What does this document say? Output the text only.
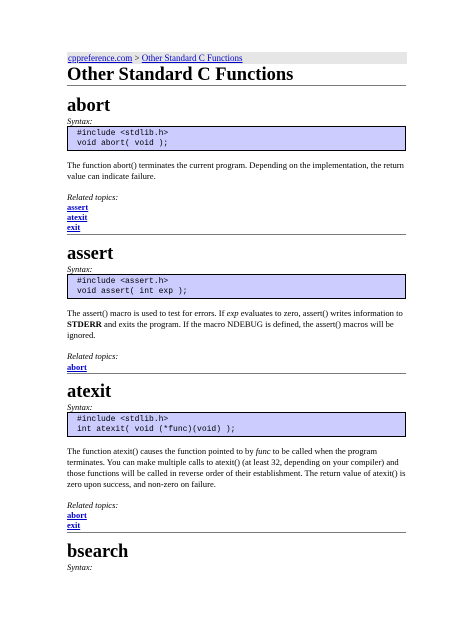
cppreference.com > Other Standard C Functions
Other Standard C Functions
abort
Syntax:
#include <stdlib.h>
void abort( void );

The function abort() terminates the current program. Depending on the implementation, the return value can indicate failure.

Related topics:
assert
atexit
exit
assert
Syntax:
#include <assert.h>
void assert( int exp );

The assert() macro is used to test for errors. If exp evaluates to zero, assert() writes information to STDERR and exits the program. If the macro NDEBUG is defined, the assert() macros will be ignored.

Related topics:
abort
atexit
Syntax:
#include <stdlib.h>
int atexit( void (*func)(void) );

The function atexit() causes the function pointed to by func to be called when the program terminates. You can make multiple calls to atexit() (at least 32, depending on your compiler) and those functions will be called in reverse order of their establishment. The return value of atexit() is zero upon success, and non-zero on failure.

Related topics:
abort
exit
bsearch
Syntax:
